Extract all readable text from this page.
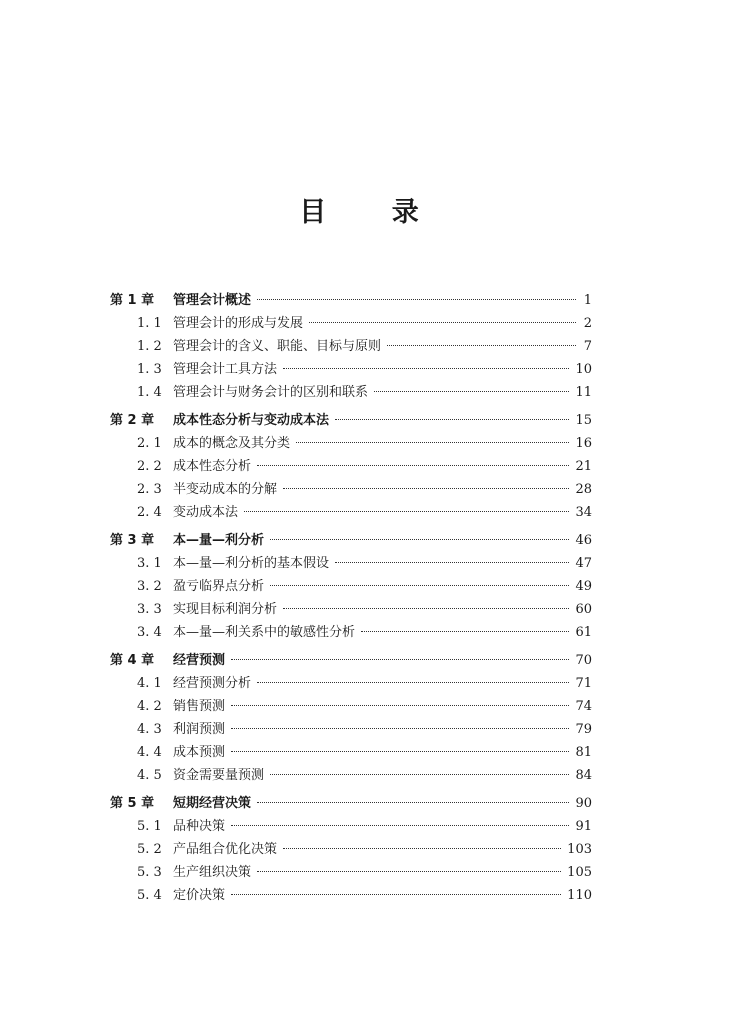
目 录
第 1 章	管理会计概述	1
1. 1 管理会计的形成与发展	2
1. 2 管理会计的含义、职能、目标与原则	7
1. 3 管理会计工具方法	10
1. 4 管理会计与财务会计的区别和联系	11
第 2 章	成本性态分析与变动成本法	15
2. 1 成本的概念及其分类	16
2. 2 成本性态分析	21
2. 3 半变动成本的分解	28
2. 4 变动成本法	34
第 3 章	本—量—利分析	46
3. 1 本—量—利分析的基本假设	47
3. 2 盈亏临界点分析	49
3. 3 实现目标利润分析	60
3. 4 本—量—利关系中的敏感性分析	61
第 4 章	经营预测	70
4. 1 经营预测分析	71
4. 2 销售预测	74
4. 3 利润预测	79
4. 4 成本预测	81
4. 5 资金需要量预测	84
第 5 章	短期经营决策	90
5. 1 品种决策	91
5. 2 产品组合优化决策	103
5. 3 生产组织决策	105
5. 4 定价决策	110
